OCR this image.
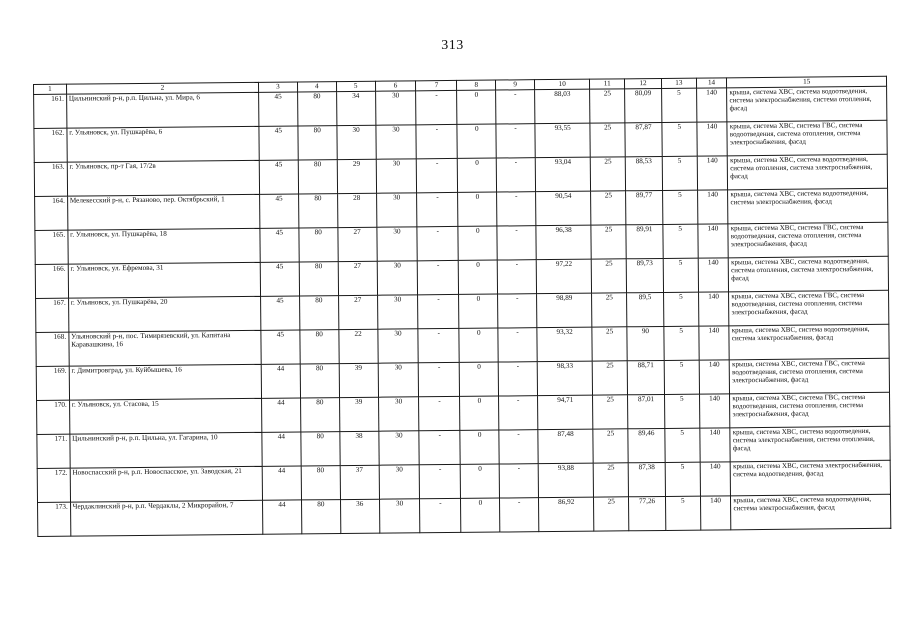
313
1	2	3	4	5	6	7	8	9	10	11	12	13	14	15
161.	Цильнинский р-н, р.п. Цильна, ул. Мира, 6	45	80	34	30	-	0	-	88,03	25	80,09	5	140	крыша, система ХВС, система водоотведения, система электроснабжения, система отопления, фасад
162.	г. Ульяновск, ул. Пушкарёва, 6	45	80	30	30	-	0	-	93,55	25	87,87	5	140	крыша, система ХВС, система ГВС, система водоотведения, система отопления, система электроснабжения, фасад
163.	г. Ульяновск, пр-т Гая, 17/2в	45	80	29	30	-	0	-	93,04	25	88,53	5	140	крыша, система ХВС, система водоотведения, система отопления, система электроснабжения, фасад
164.	Мелекесский р-н, с. Рязаново, пер. Октябрьский, 1	45	80	28	30	-	0	-	90,54	25	89,77	5	140	крыша, система ХВС, система водоотведения, система электроснабжения, фасад
165.	г. Ульяновск, ул. Пушкарёва, 18	45	80	27	30	-	0	-	96,38	25	89,91	5	140	крыша, система ХВС, система ГВС, система водоотведения, система отопления, система электроснабжения, фасад
166.	г. Ульяновск, ул. Ефремова, 31	45	80	27	30	-	0	-	97,22	25	89,73	5	140	крыша, система ХВС, система водоотведения, система отопления, система электроснабжения, фасад
167.	г. Ульяновск, ул. Пушкарёва, 20	45	80	27	30	-	0	-	98,89	25	89,5	5	140	крыша, система ХВС, система ГВС, система водоотведения, система отопления, система электроснабжения, фасад
168.	Ульяновский р-н, пос. Тимирязевский, ул. Капитана Каравашкина, 16	45	80	22	30	-	0	-	93,32	25	90	5	140	крыша, система ХВС, система водоотведения, система электроснабжения, фасад
169.	г. Димитровград, ул. Куйбышева, 16	44	80	39	30	-	0	-	98,33	25	88,71	5	140	крыша, система ХВС, система ГВС, система водоотведения, система отопления, система электроснабжения, фасад
170.	г. Ульяновск, ул. Стасова, 15	44	80	39	30	-	0	-	94,71	25	87,01	5	140	крыша, система ХВС, система ГВС, система водоотведения, система отопления, система электроснабжения, фасад
171.	Цильнинский р-н, р.п. Цильна, ул. Гагарина, 10	44	80	38	30	-	0	-	87,48	25	89,46	5	140	крыша, система ХВС, система водоотведения, система электроснабжения, система отопления, фасад
172.	Новоспасский р-н, р.п. Новоспасское, ул. Заводская, 21	44	80	37	30	-	0	-	93,88	25	87,38	5	140	крыша, система ХВС, система электроснабжения, система водоотведения, фасад
173.	Чердаклинский р-н, р.п. Чердаклы, 2 Микрорайон, 7	44	80	36	30	-	0	-	86,92	25	77,26	5	140	крыша, система ХВС, система водоотведения, система электроснабжения, фасад
